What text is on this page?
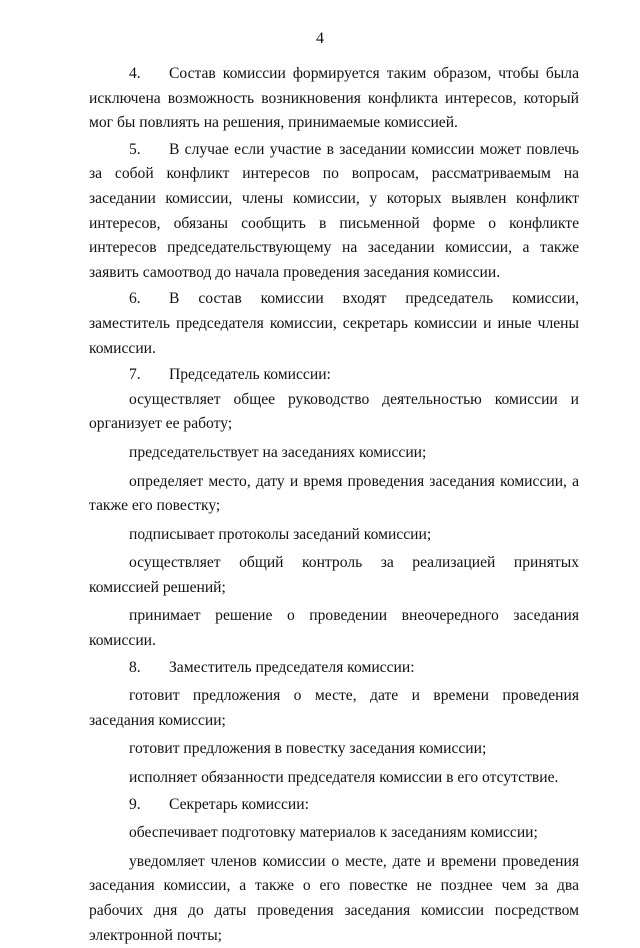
4

4. Состав комиссии формируется таким образом, чтобы была исключена возможность возникновения конфликта интересов, который мог бы повлиять на решения, принимаемые комиссией.

5. В случае если участие в заседании комиссии может повлечь за собой конфликт интересов по вопросам, рассматриваемым на заседании комиссии, члены комиссии, у которых выявлен конфликт интересов, обязаны сообщить в письменной форме о конфликте интересов председательствующему на заседании комиссии, а также заявить самоотвод до начала проведения заседания комиссии.

6. В состав комиссии входят председатель комиссии, заместитель председателя комиссии, секретарь комиссии и иные члены комиссии.

7. Председатель комиссии:

осуществляет общее руководство деятельностью комиссии и организует ее работу;

председательствует на заседаниях комиссии;

определяет место, дату и время проведения заседания комиссии, а также его повестку;

подписывает протоколы заседаний комиссии;

осуществляет общий контроль за реализацией принятых комиссией решений;

принимает решение о проведении внеочередного заседания комиссии.

8. Заместитель председателя комиссии:

готовит предложения о месте, дате и времени проведения заседания комиссии;

готовит предложения в повестку заседания комиссии;

исполняет обязанности председателя комиссии в его отсутствие.

9. Секретарь комиссии:

обеспечивает подготовку материалов к заседаниям комиссии;

уведомляет членов комиссии о месте, дате и времени проведения заседания комиссии, а также о его повестке не позднее чем за два рабочих дня до даты проведения заседания комиссии посредством электронной почты;
